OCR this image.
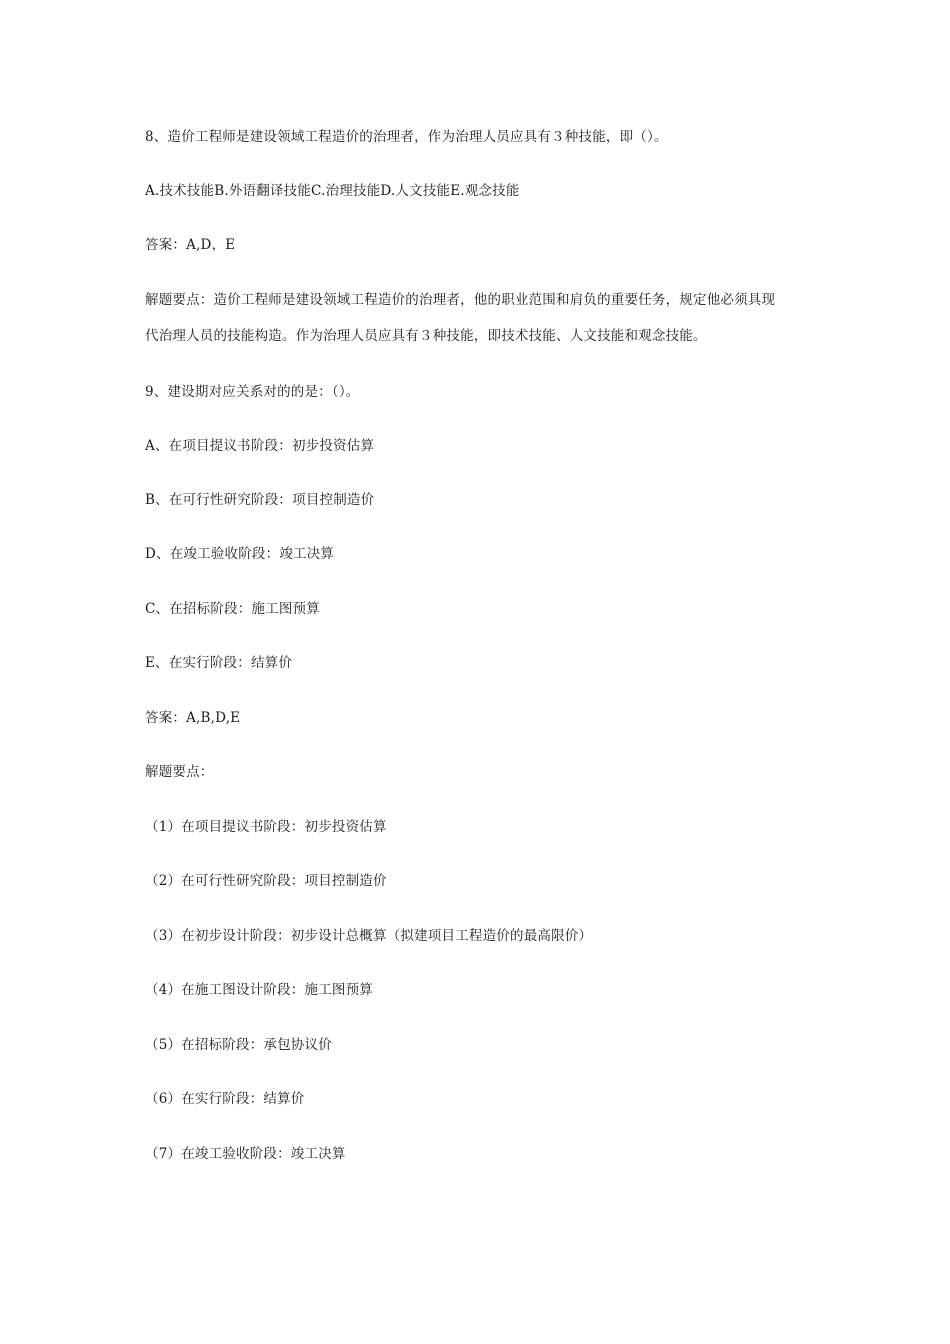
8、造价工程师是建设领域工程造价的治理者，作为治理人员应具有３种技能，即（）。
A.技术技能B.外语翻译技能C.治理技能D.人文技能E.观念技能
答案：A,D，E
解题要点：造价工程师是建设领域工程造价的治理者，他的职业范围和肩负的重要任务，规定他必须具现
代治理人员的技能构造。作为治理人员应具有３种技能，即技术技能、人文技能和观念技能。
9、建设期对应关系对的的是：（）。
A、在项目提议书阶段：初步投资估算
B、在可行性研究阶段：项目控制造价
D、在竣工验收阶段：竣工决算
C、在招标阶段：施工图预算
E、在实行阶段：结算价
答案：A,B,D,E
解题要点：
（1）在项目提议书阶段：初步投资估算
（2）在可行性研究阶段：项目控制造价
（3）在初步设计阶段：初步设计总概算（拟建项目工程造价的最高限价）
（4）在施工图设计阶段：施工图预算
（5）在招标阶段：承包协议价
（6）在实行阶段：结算价
（7）在竣工验收阶段：竣工决算
